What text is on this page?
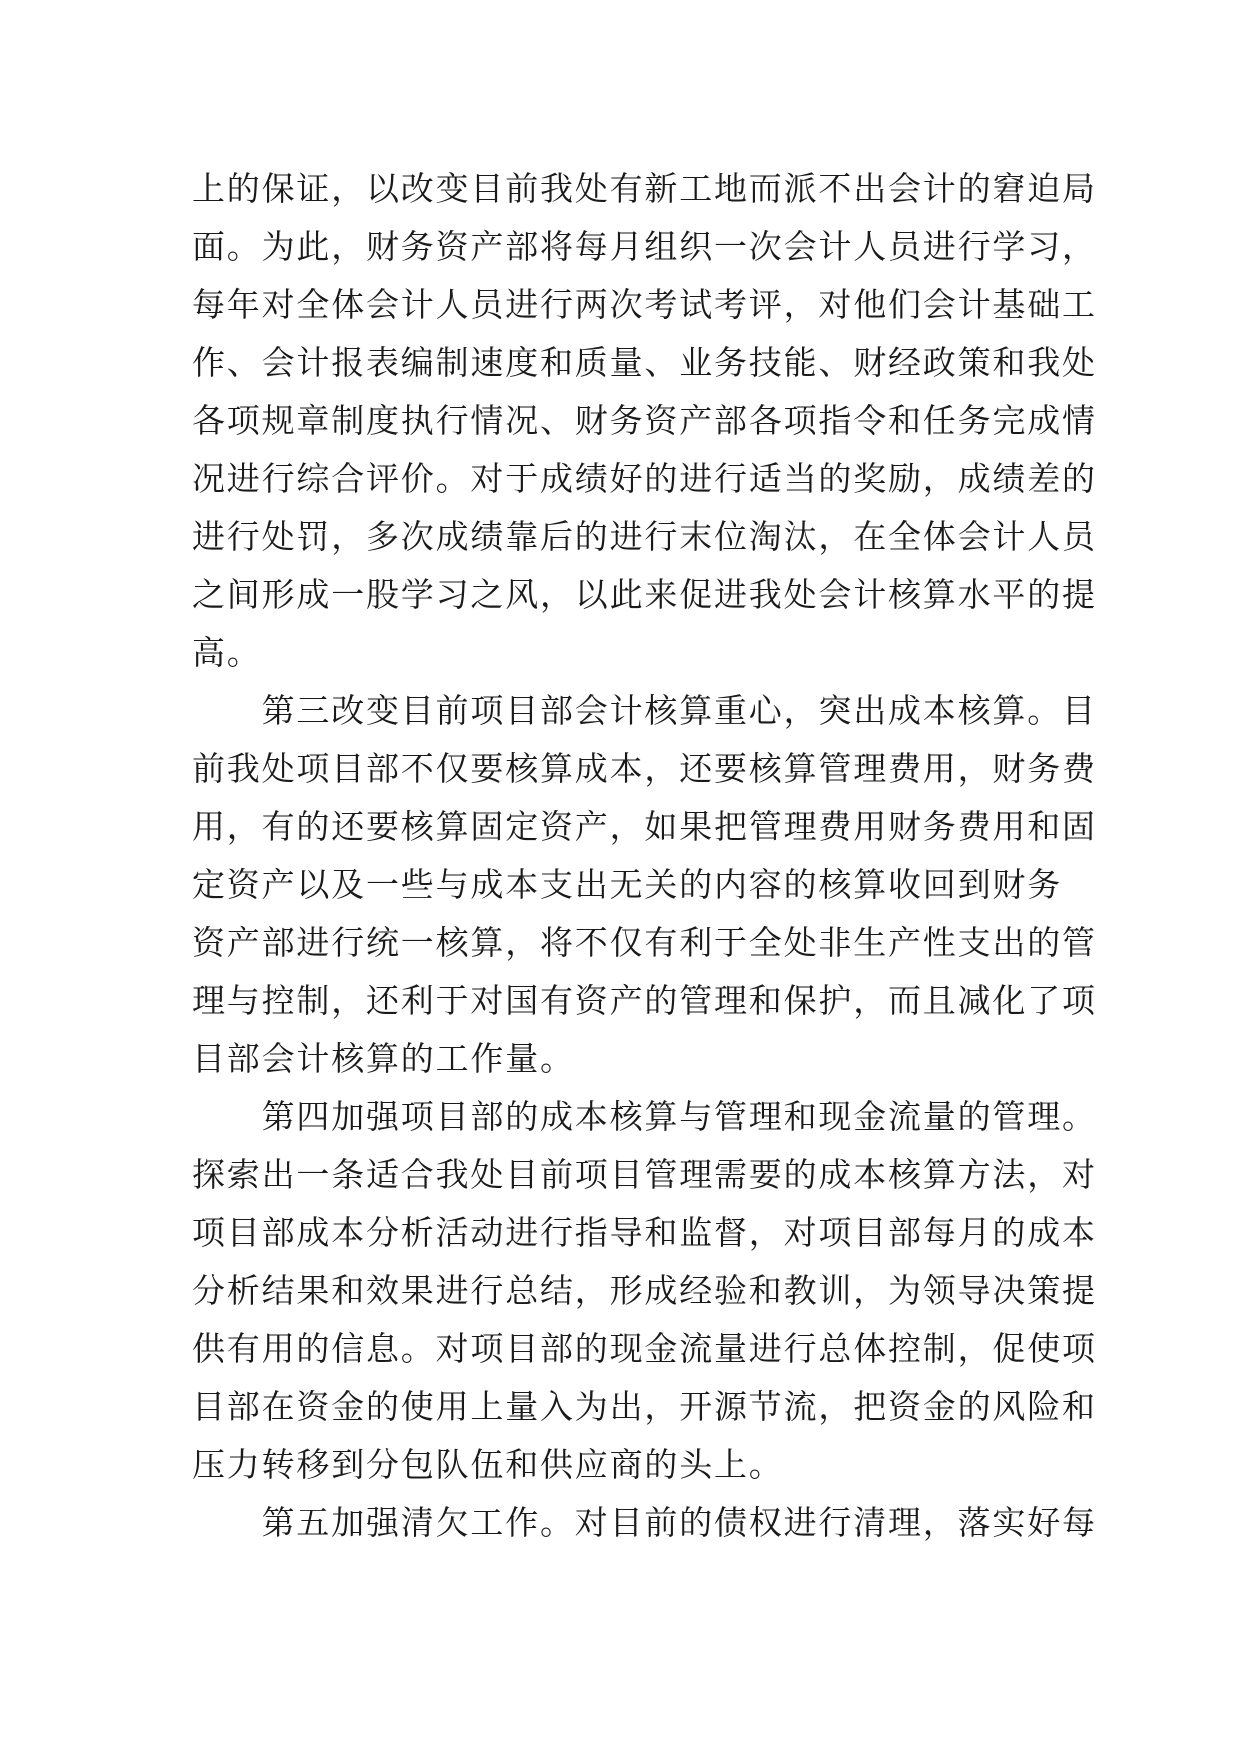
上的保证，以改变目前我处有新工地而派不出会计的窘迫局
面。为此，财务资产部将每月组织一次会计人员进行学习，
每年对全体会计人员进行两次考试考评，对他们会计基础工
作、会计报表编制速度和质量、业务技能、财经政策和我处
各项规章制度执行情况、财务资产部各项指令和任务完成情
况进行综合评价。对于成绩好的进行适当的奖励，成绩差的
进行处罚，多次成绩靠后的进行末位淘汰，在全体会计人员
之间形成一股学习之风，以此来促进我处会计核算水平的提
高。
　　第三改变目前项目部会计核算重心，突出成本核算。目
前我处项目部不仅要核算成本，还要核算管理费用，财务费
用，有的还要核算固定资产，如果把管理费用财务费用和固
定资产以及一些与成本支出无关的内容的核算收回到财务
资产部进行统一核算，将不仅有利于全处非生产性支出的管
理与控制，还利于对国有资产的管理和保护，而且减化了项
目部会计核算的工作量。
　　第四加强项目部的成本核算与管理和现金流量的管理。
探索出一条适合我处目前项目管理需要的成本核算方法，对
项目部成本分析活动进行指导和监督，对项目部每月的成本
分析结果和效果进行总结，形成经验和教训，为领导决策提
供有用的信息。对项目部的现金流量进行总体控制，促使项
目部在资金的使用上量入为出，开源节流，把资金的风险和
压力转移到分包队伍和供应商的头上。
　　第五加强清欠工作。对目前的债权进行清理，落实好每
